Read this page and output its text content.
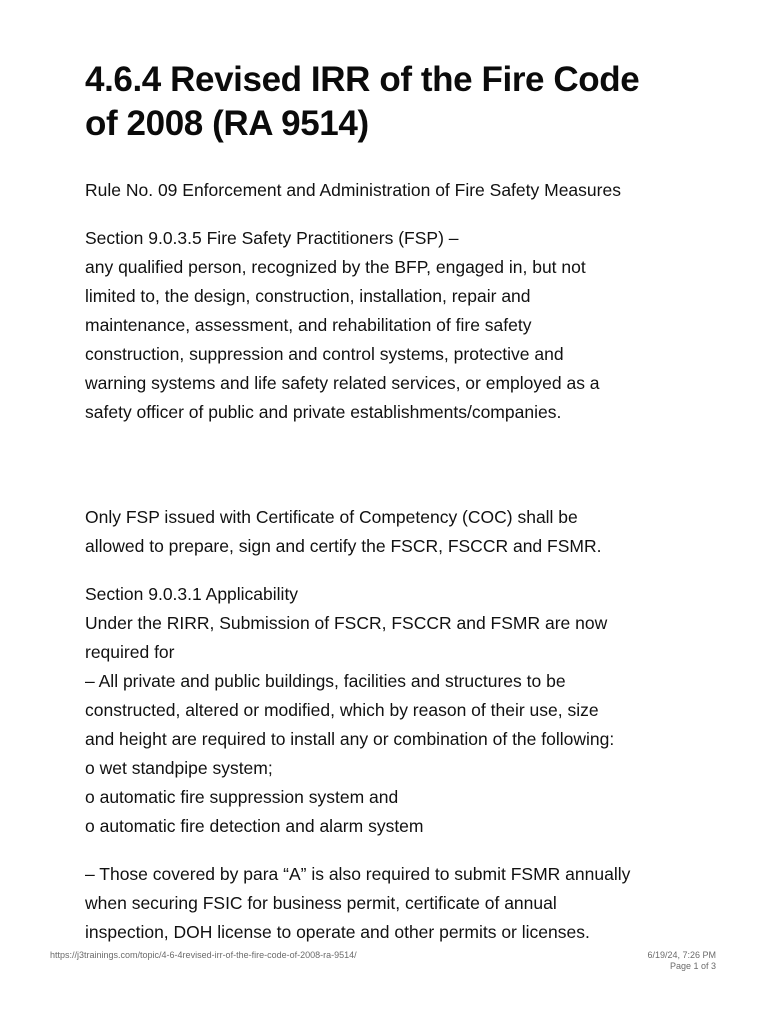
4.6.4 Revised IRR of the Fire Code
of 2008 (RA 9514)

Rule No. 09 Enforcement and Administration of Fire Safety Measures

Section 9.0.3.5 Fire Safety Practitioners (FSP) –
any qualified person, recognized by the BFP, engaged in, but not
limited to, the design, construction, installation, repair and
maintenance, assessment, and rehabilitation of fire safety
construction, suppression and control systems, protective and
warning systems and life safety related services, or employed as a
safety officer of public and private establishments/companies.

Only FSP issued with Certificate of Competency (COC) shall be
allowed to prepare, sign and certify the FSCR, FSCCR and FSMR.

Section 9.0.3.1 Applicability
Under the RIRR, Submission of FSCR, FSCCR and FSMR are now
required for
– All private and public buildings, facilities and structures to be
constructed, altered or modified, which by reason of their use, size
and height are required to install any or combination of the following:
o wet standpipe system;
o automatic fire suppression system and
o automatic fire detection and alarm system

– Those covered by para “A” is also required to submit FSMR annually
when securing FSIC for business permit, certificate of annual
inspection, DOH license to operate and other permits or licenses.

https://j3trainings.com/topic/4-6-4revised-irr-of-the-fire-code-of-2008-ra-9514/	6/19/24, 7:26 PM
Page 1 of 3
